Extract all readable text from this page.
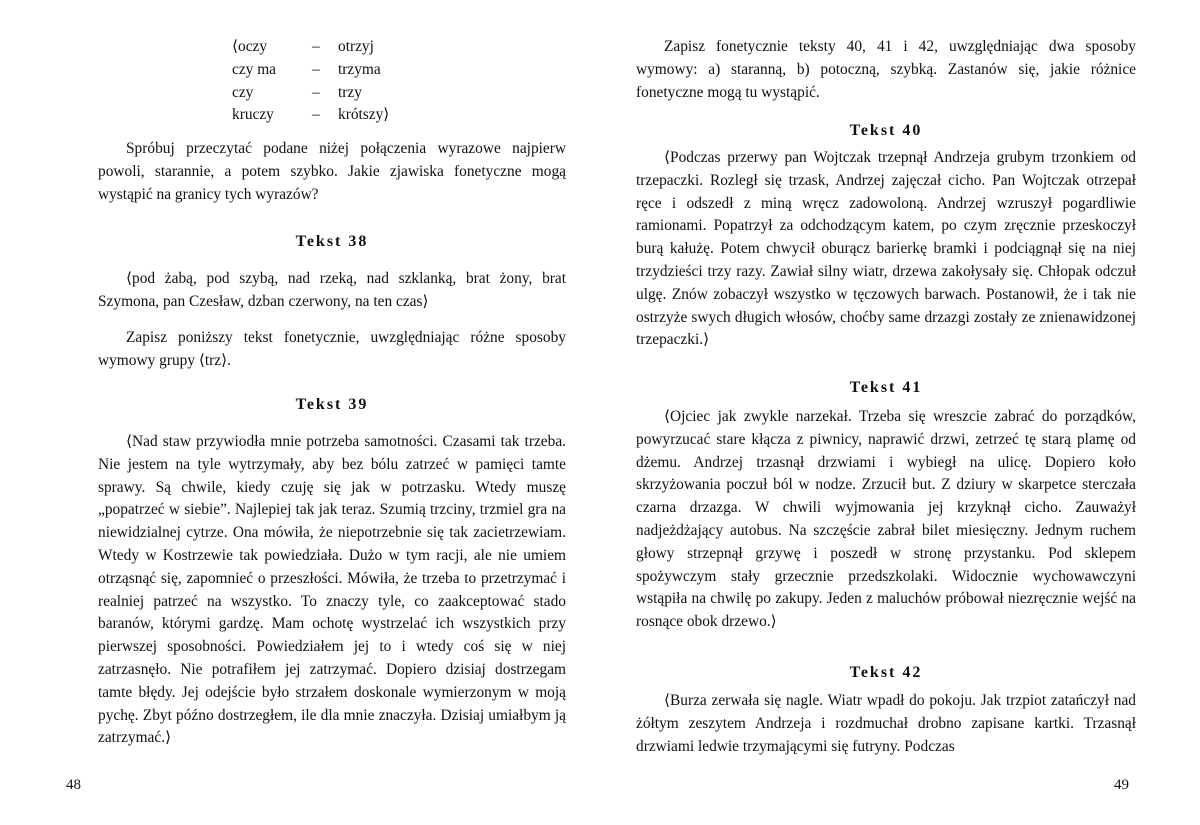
⟨oczy	–	otrzyj
czy ma	–	trzyma
czy	–	trzy
kruczy	–	krótszy⟩

Spróbuj przeczytać podane niżej połączenia wyrazowe najpierw powoli, starannie, a potem szybko. Jakie zjawiska fonetyczne mogą wystąpić na granicy tych wyrazów?

Tekst 38

⟨pod żabą, pod szybą, nad rzeką, nad szklanką, brat żony, brat Szymona, pan Czesław, dzban czerwony, na ten czas⟩

Zapisz poniższy tekst fonetycznie, uwzględniając różne sposoby wymowy grupy ⟨trz⟩.

Tekst 39

⟨Nad staw przywiodła mnie potrzeba samotności. Czasami tak trzeba. Nie jestem na tyle wytrzymały, aby bez bólu zatrzeć w pamięci tamte sprawy. Są chwile, kiedy czuję się jak w potrzasku. Wtedy muszę „popatrzeć w siebie”. Najlepiej tak jak teraz. Szumią trzciny, trzmiel gra na niewidzialnej cytrze. Ona mówiła, że niepotrzebnie się tak zacietrzewiam. Wtedy w Kostrzewie tak powiedziała. Dużo w tym racji, ale nie umiem otrząsnąć się, zapomnieć o przeszłości. Mówiła, że trzeba to przetrzymać i realniej patrzeć na wszystko. To znaczy tyle, co zaakceptować stado baranów, którymi gardzę. Mam ochotę wystrzelać ich wszystkich przy pierwszej sposobności. Powiedziałem jej to i wtedy coś się w niej zatrzasnęło. Nie potrafiłem jej zatrzymać. Dopiero dzisiaj dostrzegam tamte błędy. Jej odejście było strzałem doskonale wymierzonym w moją pychę. Zbyt późno dostrzegłem, ile dla mnie znaczyła. Dzisiaj umiałbym ją zatrzymać.⟩

48

Zapisz fonetycznie teksty 40, 41 i 42, uwzględniając dwa sposoby wymowy: a) staranną, b) potoczną, szybką. Zastanów się, jakie różnice fonetyczne mogą tu wystąpić.

Tekst 40

⟨Podczas przerwy pan Wojtczak trzepnął Andrzeja grubym trzonkiem od trzepaczki. Rozległ się trzask, Andrzej zajęczał cicho. Pan Wojtczak otrzepał ręce i odszedł z miną wręcz zadowoloną. Andrzej wzruszył pogardliwie ramionami. Popatrzył za odchodzącym katem, po czym zręcznie przeskoczył burą kałużę. Potem chwycił oburącz barierkę bramki i podciągnął się na niej trzydzieści trzy razy. Zawiał silny wiatr, drzewa zakołysały się. Chłopak odczuł ulgę. Znów zobaczył wszystko w tęczowych barwach. Postanowił, że i tak nie ostrzyże swych długich włosów, choćby same drzazgi zostały ze znienawidzonej trzepaczki.⟩

Tekst 41

⟨Ojciec jak zwykle narzekał. Trzeba się wreszcie zabrać do porządków, powyrzucać stare kłącza z piwnicy, naprawić drzwi, zetrzeć tę starą plamę od dżemu. Andrzej trzasnął drzwiami i wybiegł na ulicę. Dopiero koło skrzyżowania poczuł ból w nodze. Zrzucił but. Z dziury w skarpetce sterczała czarna drzazga. W chwili wyjmowania jej krzyknął cicho. Zauważył nadjeżdżający autobus. Na szczęście zabrał bilet miesięczny. Jednym ruchem głowy strzepnął grzywę i poszedł w stronę przystanku. Pod sklepem spożywczym stały grzecznie przedszkolaki. Widocznie wychowawczyni wstąpiła na chwilę po zakupy. Jeden z maluchów próbował niezręcznie wejść na rosnące obok drzewo.⟩

Tekst 42

⟨Burza zerwała się nagle. Wiatr wpadł do pokoju. Jak trzpiot zatańczył nad żółtym zeszytem Andrzeja i rozdmuchał drobno zapisane kartki. Trzasnął drzwiami ledwie trzymającymi się futryny. Podczas

49
